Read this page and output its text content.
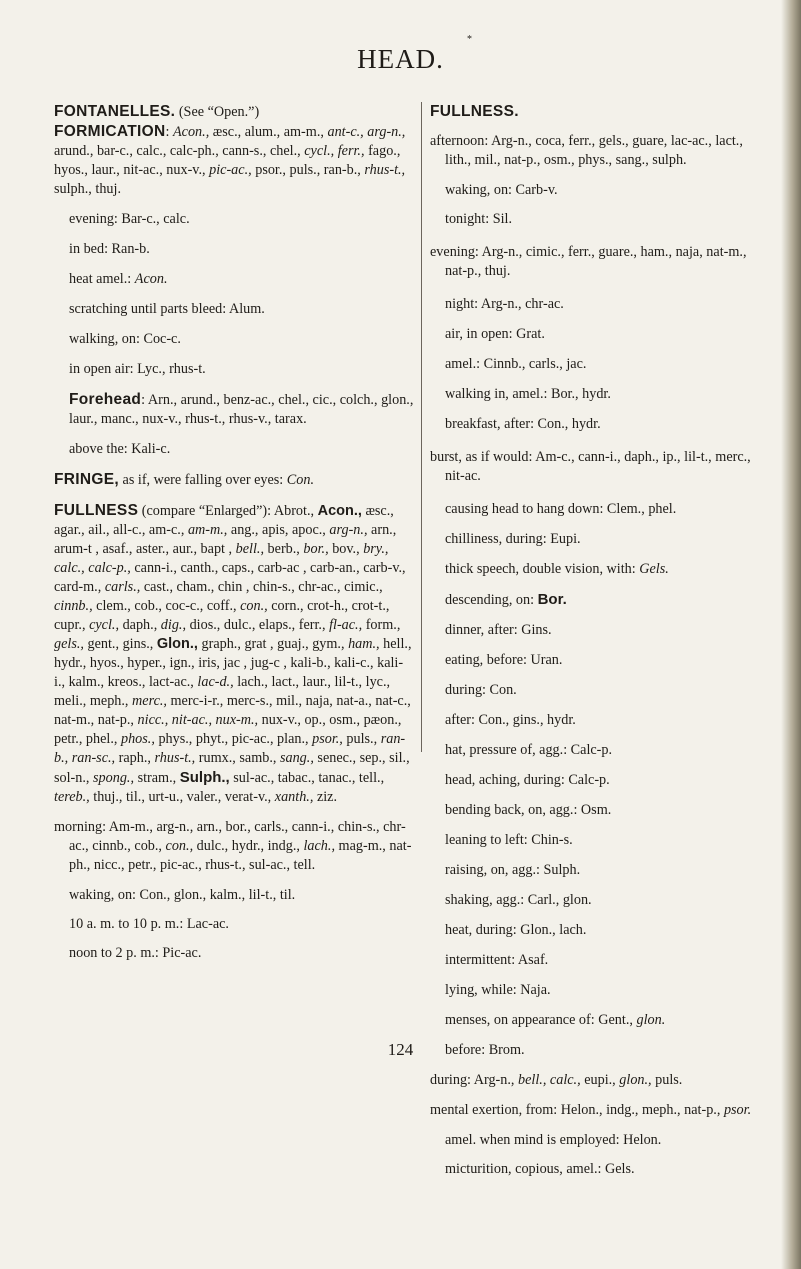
*
HEAD.
FONTANELLES. (See “Open.”)
FORMICATION: Acon., æsc., alum., am-m., ant-c., arg-n., arund., bar-c., calc., calc-ph., cann-s., chel., cycl., ferr., fago., hyos., laur., nit-ac., nux-v., pic-ac., psor., puls., ran-b., rhus-t., sulph., thuj.
evening: Bar-c., calc.
in bed: Ran-b.
heat amel.: Acon.
scratching until parts bleed: Alum.
walking, on: Coc-c.
in open air: Lyc., rhus-t.
Forehead: Arn., arund., benz-ac., chel., cic., colch., glon., laur., manc., nux-v., rhus-t., rhus-v., tarax.
above the: Kali-c.
FRINGE, as if, were falling over eyes: Con.
FULLNESS (compare “Enlarged”): Abrot., Acon., æsc., agar., ail., all-c., am-c., am-m., ang., apis, apoc., arg-n., arn., arum-t , asaf., aster., aur., bapt , bell., berb., bor., bov., bry., calc., calc-p., cann-i., canth., caps., carb-ac , carb-an., carb-v., card-m., carls., cast., cham., chin , chin-s., chr-ac., cimic., cinnb., clem., cob., coc-c., coff., con., corn., crot-h., crot-t., cupr., cycl., daph., dig., dios., dulc., elaps., ferr., fl-ac., form., gels., gent., gins., Glon., graph., grat , guaj., gym., ham., hell., hydr., hyos., hyper., ign., iris, jac , jug-c , kali-b., kali-c., kali-i., kalm., kreos., lact-ac., lac-d., lach., lact., laur., lil-t., lyc., meli., meph., merc., merc-i-r., merc-s., mil., naja, nat-a., nat-c., nat-m., nat-p., nicc., nit-ac., nux-m., nux-v., op., osm., pæon., petr., phel., phos., phys., phyt., pic-ac., plan., psor., puls., ran-b., ran-sc., raph., rhus-t., rumx., samb., sang., senec., sep., sil., sol-n., spong., stram., Sulph., sul-ac., tabac., tanac., tell., tereb., thuj., til., urt-u., valer., verat-v., xanth., ziz.
morning: Am-m., arg-n., arn., bor., carls., cann-i., chin-s., chr-ac., cinnb., cob., con., dulc., hydr., indg., lach., mag-m., nat-ph., nicc., petr., pic-ac., rhus-t., sul-ac., tell.
waking, on: Con., glon., kalm., lil-t., til.
10 a. m. to 10 p. m.: Lac-ac.
noon to 2 p. m.: Pic-ac.
FULLNESS.
afternoon: Arg-n., coca, ferr., gels., guare, lac-ac., lact., lith., mil., nat-p., osm., phys., sang., sulph.
waking, on: Carb-v.
tonight: Sil.
evening: Arg-n., cimic., ferr., guare., ham., naja, nat-m., nat-p., thuj.
night: Arg-n., chr-ac.
air, in open: Grat.
amel.: Cinnb., carls., jac.
walking in, amel.: Bor., hydr.
breakfast, after: Con., hydr.
burst, as if would: Am-c., cann-i., daph., ip., lil-t., merc., nit-ac.
causing head to hang down: Clem., phel.
chilliness, during: Eupi.
thick speech, double vision, with: Gels.
descending, on: Bor.
dinner, after: Gins.
eating, before: Uran.
during: Con.
after: Con., gins., hydr.
hat, pressure of, agg.: Calc-p.
head, aching, during: Calc-p.
bending back, on, agg.: Osm.
leaning to left: Chin-s.
raising, on, agg.: Sulph.
shaking, agg.: Carl., glon.
heat, during: Glon., lach.
intermittent: Asaf.
lying, while: Naja.
menses, on appearance of: Gent., glon.
before: Brom.
during: Arg-n., bell., calc., eupi., glon., puls.
mental exertion, from: Helon., indg., meph., nat-p., psor.
amel. when mind is employed: Helon.
micturition, copious, amel.: Gels.
124
